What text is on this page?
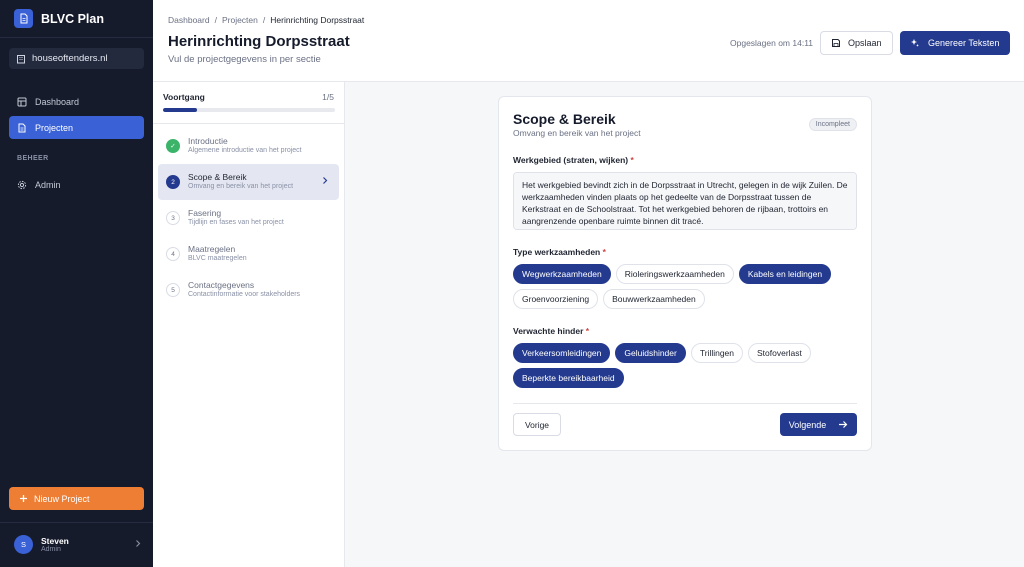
BLVC Plan
houseoftenders.nl
Dashboard
Projecten
BEHEER
Admin
Nieuw Project
S	Steven
Admin
Dashboard / Projecten / Herinrichting Dorpsstraat
Herinrichting Dorpsstraat

Vul de projectgegevens in per sectie

Opgeslagen om 14:11	Opslaan	Genereer Teksten
Voortgang	1/5
✓
Introductie
Algemene introductie van het project
2	Scope & Bereik
Omvang en bereik van het project
3	Fasering
Tijdlijn en fases van het project
4	Maatregelen
BLVC maatregelen
5	Contactgegevens
Contactinformatie voor stakeholders
Scope & Bereik

Omvang en bereik van het project

Incompleet
Werkgebied (straten, wijken) *
Het werkgebied bevindt zich in de Dorpsstraat in Utrecht, gelegen in de wijk Zuilen. De werkzaamheden vinden plaats op het gedeelte van de Dorpsstraat tussen de Kerkstraat en de Schoolstraat. Tot het werkgebied behoren de rijbaan, trottoirs en aangrenzende openbare ruimte binnen dit tracé.
Type werkzaamheden *
Wegwerkzaamheden	Rioleringswerkzaamheden	Kabels en leidingen
Groenvoorziening	Bouwwerkzaamheden
Verwachte hinder *
Verkeersomleidingen	Geluidshinder	Trillingen	Stofoverlast
Beperkte bereikbaarheid
Vorige	Volgende
